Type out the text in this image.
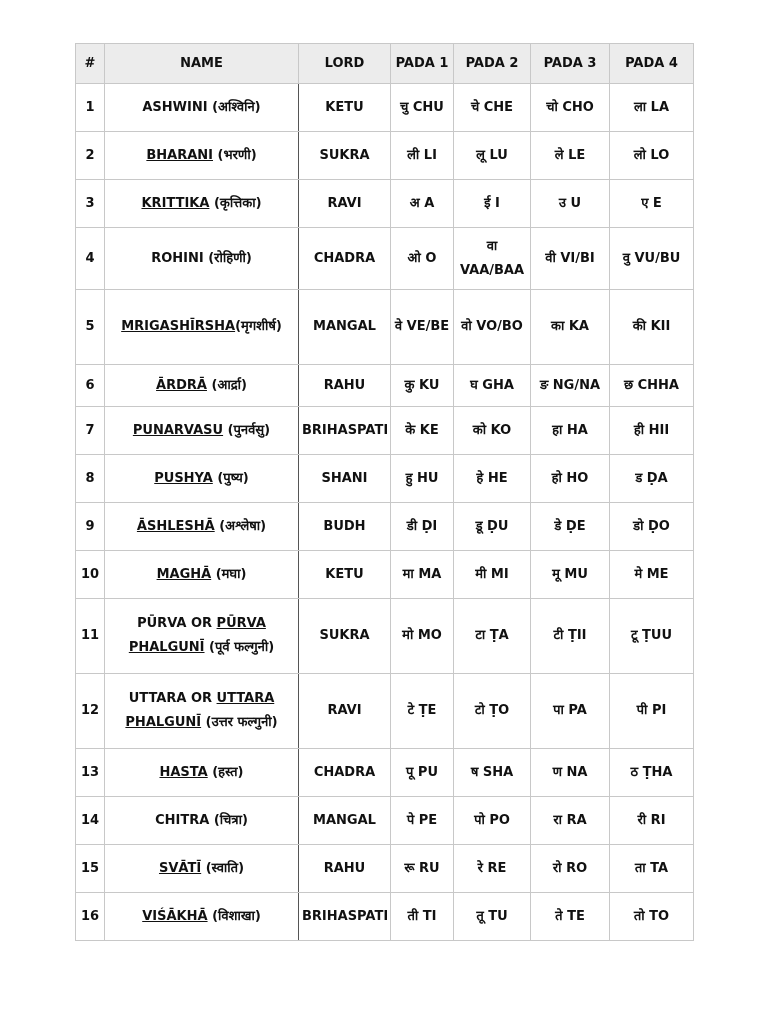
#	NAME	LORD	PADA 1	PADA 2	PADA 3	PADA 4
1	ASHWINI (अश्विनि)	KETU	चु CHU	चे CHE	चो CHO	ला LA
2	BHARANI (भरणी)	SUKRA	ली LI	लू LU	ले LE	लो LO
3	KRITTIKA (कृत्तिका)	RAVI	अ A	ई I	उ U	ए E
4	ROHINI (रोहिणी)	CHADRA	ओ O	वा VAA/BAA	वी VI/BI	वु VU/BU
5	MRIGASHĪRSHA(मृगशीर्ष)	MANGAL	वे VE/BE	वो VO/BO	का KA	की KII
6	ĀRDRĀ (आर्द्रा)	RAHU	कु KU	घ GHA	ङ NG/NA	छ CHHA
7	PUNARVASU (पुनर्वसु)	BRIHASPATI	के KE	को KO	हा HA	ही HII
8	PUSHYA (पुष्य)	SHANI	हु HU	हे HE	हो HO	ड ḌA
9	ĀSHLESHĀ (अश्लेषा)	BUDH	डी ḌI	डू ḌU	डे ḌE	डो ḌO
10	MAGHĀ (मघा)	KETU	मा MA	मी MI	मू MU	मे ME
11	PŪRVA OR PŪRVA PHALGUNĪ (पूर्व फल्गुनी)	SUKRA	मो MO	टा ṬA	टी ṬII	टू ṬUU
12	UTTARA OR UTTARA PHALGUNĪ (उत्तर फल्गुनी)	RAVI	टे ṬE	टो ṬO	पा PA	पी PI
13	HASTA (हस्त)	CHADRA	पू PU	ष SHA	ण NA	ठ ṬHA
14	CHITRA (चित्रा)	MANGAL	पे PE	पो PO	रा RA	री RI
15	SVĀTĪ (स्वाति)	RAHU	रू RU	रे RE	रो RO	ता TA
16	VIŚĀKHĀ (विशाखा)	BRIHASPATI	ती TI	तू TU	ते TE	तो TO
